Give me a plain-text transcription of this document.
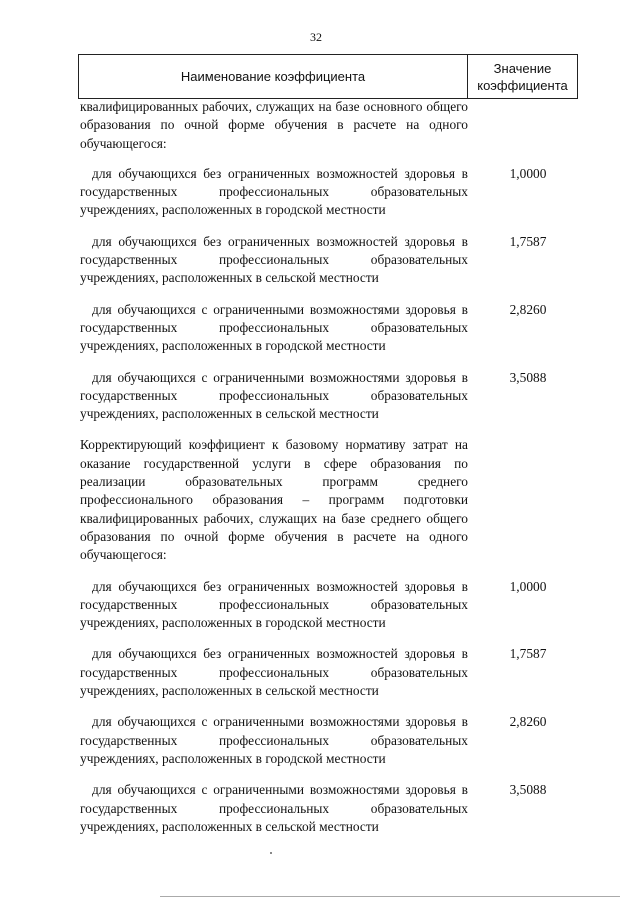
32
Наименование коэффициента
Значение
коэффициента
квалифицированных рабочих, служащих на базе основного общего образования по очной форме обучения в расчете на одного обучающегося:
для обучающихся без ограниченных возможностей здоровья в государственных профессиональных образовательных учреждениях, расположенных в городской местности
1,0000
для обучающихся без ограниченных возможностей здоровья в государственных профессиональных образовательных учреждениях, расположенных в сельской местности
1,7587
для обучающихся с ограниченными возможностями здоровья в государственных профессиональных образовательных учреждениях, расположенных в городской местности
2,8260
для обучающихся с ограниченными возможностями здоровья в государственных профессиональных образовательных учреждениях, расположенных в сельской местности
3,5088
Корректирующий коэффициент к базовому нормативу затрат на оказание государственной услуги в сфере образования по реализации образовательных программ среднего профессионального образования – программ подготовки квалифицированных рабочих, служащих на базе среднего общего образования по очной форме обучения в расчете на одного обучающегося:
для обучающихся без ограниченных возможностей здоровья в государственных профессиональных образовательных учреждениях, расположенных в городской местности
1,0000
для обучающихся без ограниченных возможностей здоровья в государственных профессиональных образовательных учреждениях, расположенных в сельской местности
1,7587
для обучающихся с ограниченными возможностями здоровья в государственных профессиональных образовательных учреждениях, расположенных в городской местности
2,8260
для обучающихся с ограниченными возможностями здоровья в государственных профессиональных образовательных учреждениях, расположенных в сельской местности
3,5088
